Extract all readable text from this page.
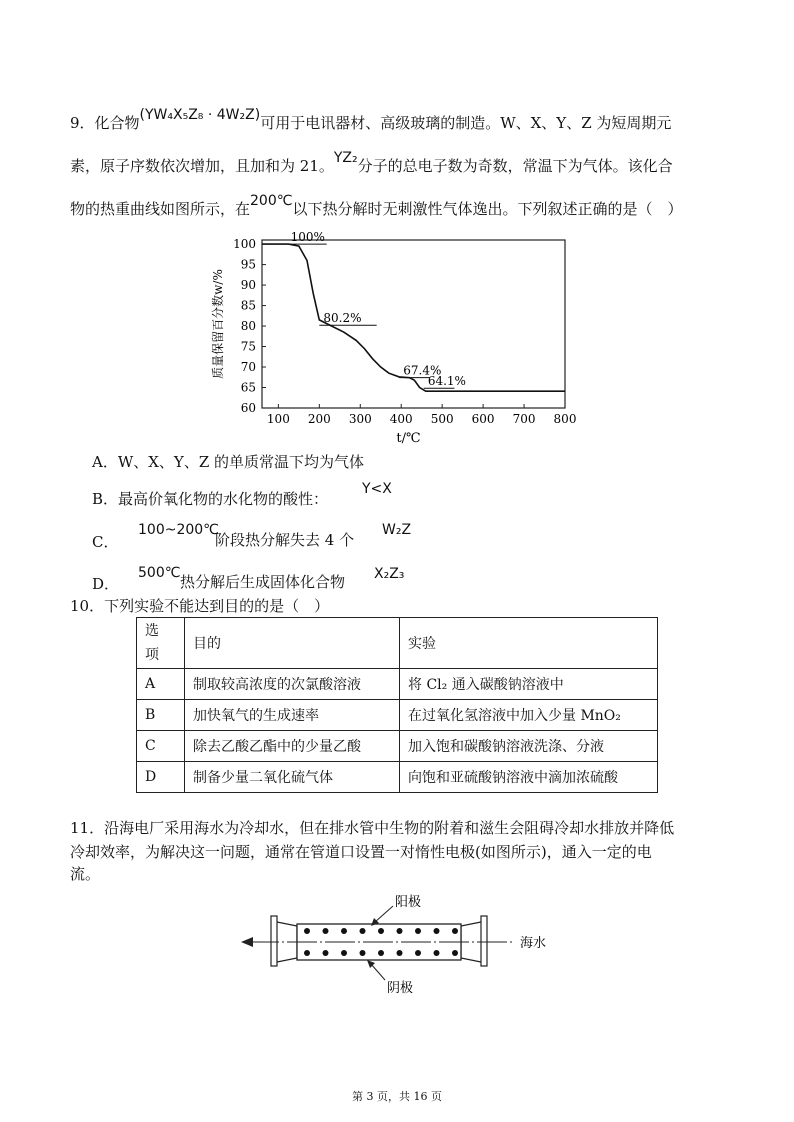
9．化合物(YW₄X₅Z₈ · 4W₂Z)可用于电讯器材、高级玻璃的制造。W、X、Y、Z 为短周期元
素，原子序数依次增加，且加和为 21。YZ₂分子的总电子数为奇数，常温下为气体。该化合
物的热重曲线如图所示，在200℃以下热分解时无刺激性气体逸出。下列叙述正确的是（　）
100 200 300 400 500 600 700 800
60
65
70
75
80
85
90
95
100
t/℃
质量保留百分数w/%
100%
80.2%
67.4%
64.1%
A．W、X、Y、Z 的单质常温下均为气体
B．最高价氧化物的水化物的酸性：
Y<X
C．
100~200℃
阶段热分解失去 4 个
W₂Z
D．
500℃ 热分解后生成固体化合物 X₂Z₃
10．下列实验不能达到目的的是（　）
选
项	目的	实验
A	制取较高浓度的次氯酸溶液	将 Cl₂ 通入碳酸钠溶液中
B	加快氧气的生成速率	在过氧化氢溶液中加入少量 MnO₂
C	除去乙酸乙酯中的少量乙酸	加入饱和碳酸钠溶液洗涤、分液
D	制备少量二氧化硫气体	向饱和亚硫酸钠溶液中滴加浓硫酸
11．沿海电厂采用海水为冷却水，但在排水管中生物的附着和滋生会阻碍冷却水排放并降低
冷却效率，为解决这一问题，通常在管道口设置一对惰性电极(如图所示)，通入一定的电
流。
阳极
阴极
海水
第 3 页，共 16 页
